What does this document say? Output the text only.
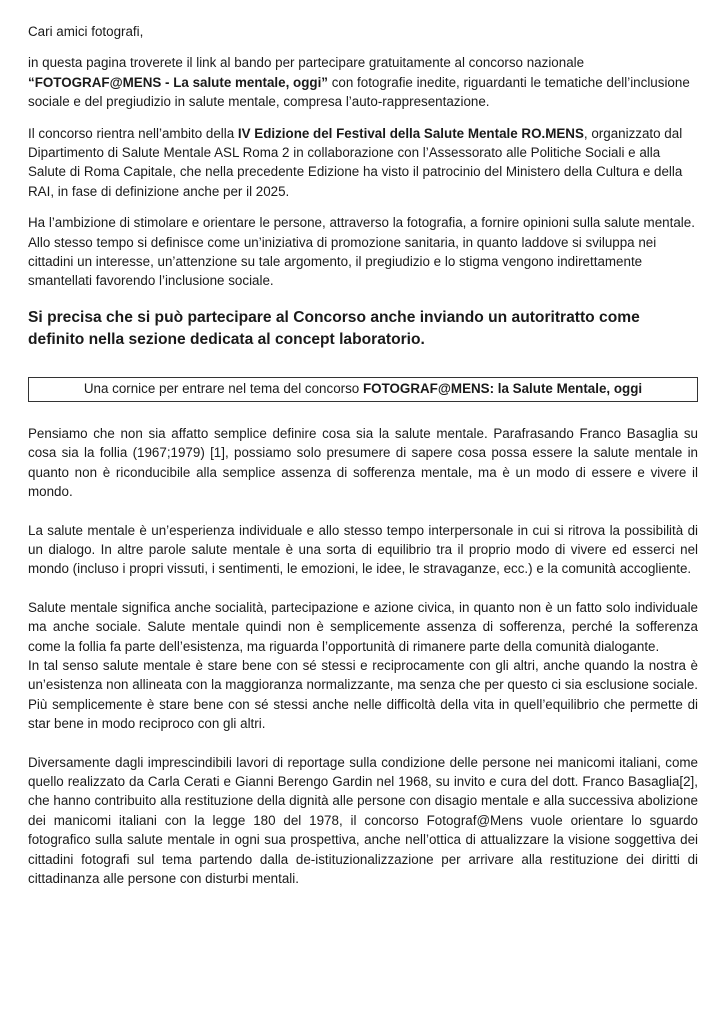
Cari amici fotografi,

in questa pagina troverete il link al bando per partecipare gratuitamente al concorso nazionale “FOTOGRAF@MENS - La salute mentale, oggi” con fotografie inedite, riguardanti le tematiche dell’inclusione sociale e del pregiudizio in salute mentale, compresa l’auto-rappresentazione.

Il concorso rientra nell’ambito della IV Edizione del Festival della Salute Mentale RO.MENS, organizzato dal Dipartimento di Salute Mentale ASL Roma 2 in collaborazione con l’Assessorato alle Politiche Sociali e alla Salute di Roma Capitale, che nella precedente Edizione ha visto il patrocinio del Ministero della Cultura e della RAI, in fase di definizione anche per il 2025.

Ha l’ambizione di stimolare e orientare le persone, attraverso la fotografia, a fornire opinioni sulla salute mentale. Allo stesso tempo si definisce come un’iniziativa di promozione sanitaria, in quanto laddove si sviluppa nei cittadini un interesse, un’attenzione su tale argomento, il pregiudizio e lo stigma vengono indirettamente smantellati favorendo l’inclusione sociale.

Si precisa che si può partecipare al Concorso anche inviando un autoritratto come definito nella sezione dedicata al concept laboratorio.

Una cornice per entrare nel tema del concorso FOTOGRAF@MENS: la Salute Mentale, oggi

Pensiamo che non sia affatto semplice definire cosa sia la salute mentale. Parafrasando Franco Basaglia su cosa sia la follia (1967;1979) [1], possiamo solo presumere di sapere cosa possa essere la salute mentale in quanto non è riconducibile alla semplice assenza di sofferenza mentale, ma è un modo di essere e vivere il mondo.

La salute mentale è un’esperienza individuale e allo stesso tempo interpersonale in cui si ritrova la possibilità di un dialogo. In altre parole salute mentale è una sorta di equilibrio tra il proprio modo di vivere ed esserci nel mondo (incluso i propri vissuti, i sentimenti, le emozioni, le idee, le stravaganze, ecc.) e la comunità accogliente.

Salute mentale significa anche socialità, partecipazione e azione civica, in quanto non è un fatto solo individuale ma anche sociale. Salute mentale quindi non è semplicemente assenza di sofferenza, perché la sofferenza come la follia fa parte dell’esistenza, ma riguarda l’opportunità di rimanere parte della comunità dialogante.

In tal senso salute mentale è stare bene con sé stessi e reciprocamente con gli altri, anche quando la nostra è un’esistenza non allineata con la maggioranza normalizzante, ma senza che per questo ci sia esclusione sociale. Più semplicemente è stare bene con sé stessi anche nelle difficoltà della vita in quell’equilibrio che permette di star bene in modo reciproco con gli altri.

Diversamente dagli imprescindibili lavori di reportage sulla condizione delle persone nei manicomi italiani, come quello realizzato da Carla Cerati e Gianni Berengo Gardin nel 1968, su invito e cura del dott. Franco Basaglia[2], che hanno contribuito alla restituzione della dignità alle persone con disagio mentale e alla successiva abolizione dei manicomi italiani con la legge 180 del 1978, il concorso Fotograf@Mens vuole orientare lo sguardo fotografico sulla salute mentale in ogni sua prospettiva, anche nell’ottica di attualizzare la visione soggettiva dei cittadini fotografi sul tema partendo dalla de-istituzionalizzazione per arrivare alla restituzione dei diritti di cittadinanza alle persone con disturbi mentali.
